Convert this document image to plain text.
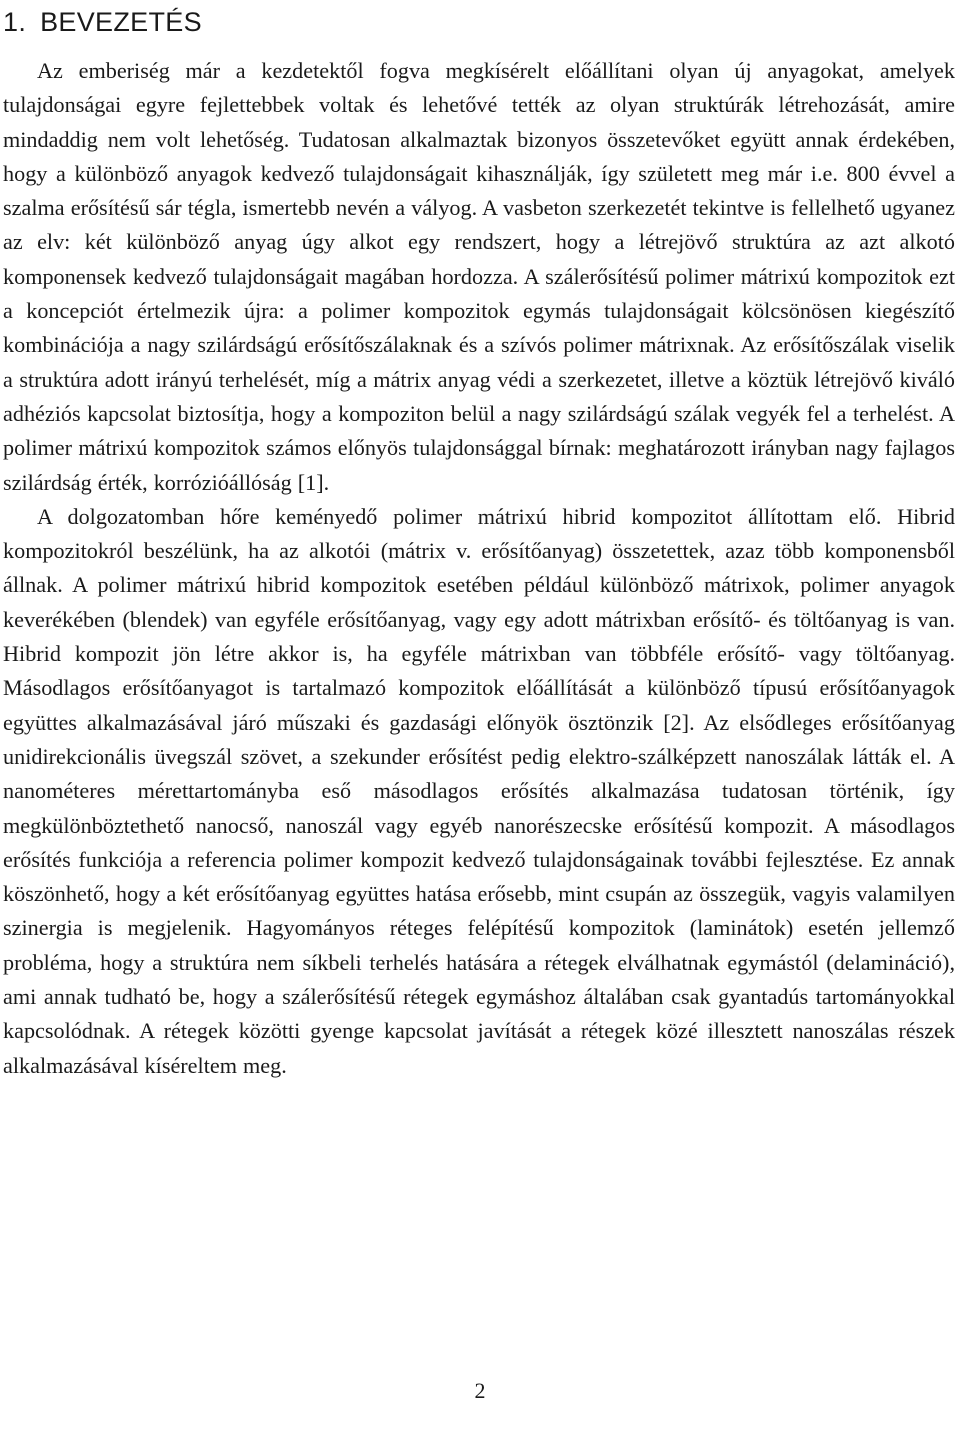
1. BEVEZETÉS

Az emberiség már a kezdetektől fogva megkísérelt előállítani olyan új anyagokat, amelyek tulajdonságai egyre fejlettebbek voltak és lehetővé tették az olyan struktúrák létrehozását, amire mindaddig nem volt lehetőség. Tudatosan alkalmaztak bizonyos összetevőket együtt annak érdekében, hogy a különböző anyagok kedvező tulajdonságait kihasználják, így született meg már i.e. 800 évvel a szalma erősítésű sár tégla, ismertebb nevén a vályog. A vasbeton szerkezetét tekintve is fellelhető ugyanez az elv: két különböző anyag úgy alkot egy rendszert, hogy a létrejövő struktúra az azt alkotó komponensek kedvező tulajdonságait magában hordozza. A szálerősítésű polimer mátrixú kompozitok ezt a koncepciót értelmezik újra: a polimer kompozitok egymás tulajdonságait kölcsönösen kiegészítő kombinációja a nagy szilárdságú erősítőszálaknak és a szívós polimer mátrixnak. Az erősítőszálak viselik a struktúra adott irányú terhelését, míg a mátrix anyag védi a szerkezetet, illetve a köztük létrejövő kiváló adhéziós kapcsolat biztosítja, hogy a kompoziton belül a nagy szilárdságú szálak vegyék fel a terhelést. A polimer mátrixú kompozitok számos előnyös tulajdonsággal bírnak: meghatározott irányban nagy fajlagos szilárdság érték, korrózióállóság [1].

A dolgozatomban hőre keményedő polimer mátrixú hibrid kompozitot állítottam elő. Hibrid kompozitokról beszélünk, ha az alkotói (mátrix v. erősítőanyag) összetettek, azaz több komponensből állnak. A polimer mátrixú hibrid kompozitok esetében például különböző mátrixok, polimer anyagok keverékében (blendek) van egyféle erősítőanyag, vagy egy adott mátrixban erősítő- és töltőanyag is van. Hibrid kompozit jön létre akkor is, ha egyféle mátrixban van többféle erősítő- vagy töltőanyag. Másodlagos erősítőanyagot is tartalmazó kompozitok előállítását a különböző típusú erősítőanyagok együttes alkalmazásával járó műszaki és gazdasági előnyök ösztönzik [2]. Az elsődleges erősítőanyag unidirekcionális üvegszál szövet, a szekunder erősítést pedig elektro-szálképzett nanoszálak látták el. A nanométeres mérettartományba eső másodlagos erősítés alkalmazása tudatosan történik, így megkülönböztethető nanocső, nanoszál vagy egyéb nanorészecske erősítésű kompozit. A másodlagos erősítés funkciója a referencia polimer kompozit kedvező tulajdonságainak további fejlesztése. Ez annak köszönhető, hogy a két erősítőanyag együttes hatása erősebb, mint csupán az összegük, vagyis valamilyen szinergia is megjelenik. Hagyományos réteges felépítésű kompozitok (laminátok) esetén jellemző probléma, hogy a struktúra nem síkbeli terhelés hatására a rétegek elválhatnak egymástól (delamináció), ami annak tudható be, hogy a szálerősítésű rétegek egymáshoz általában csak gyantadús tartományokkal kapcsolódnak. A rétegek közötti gyenge kapcsolat javítását a rétegek közé illesztett nanoszálas részek alkalmazásával kíséreltem meg.

2
